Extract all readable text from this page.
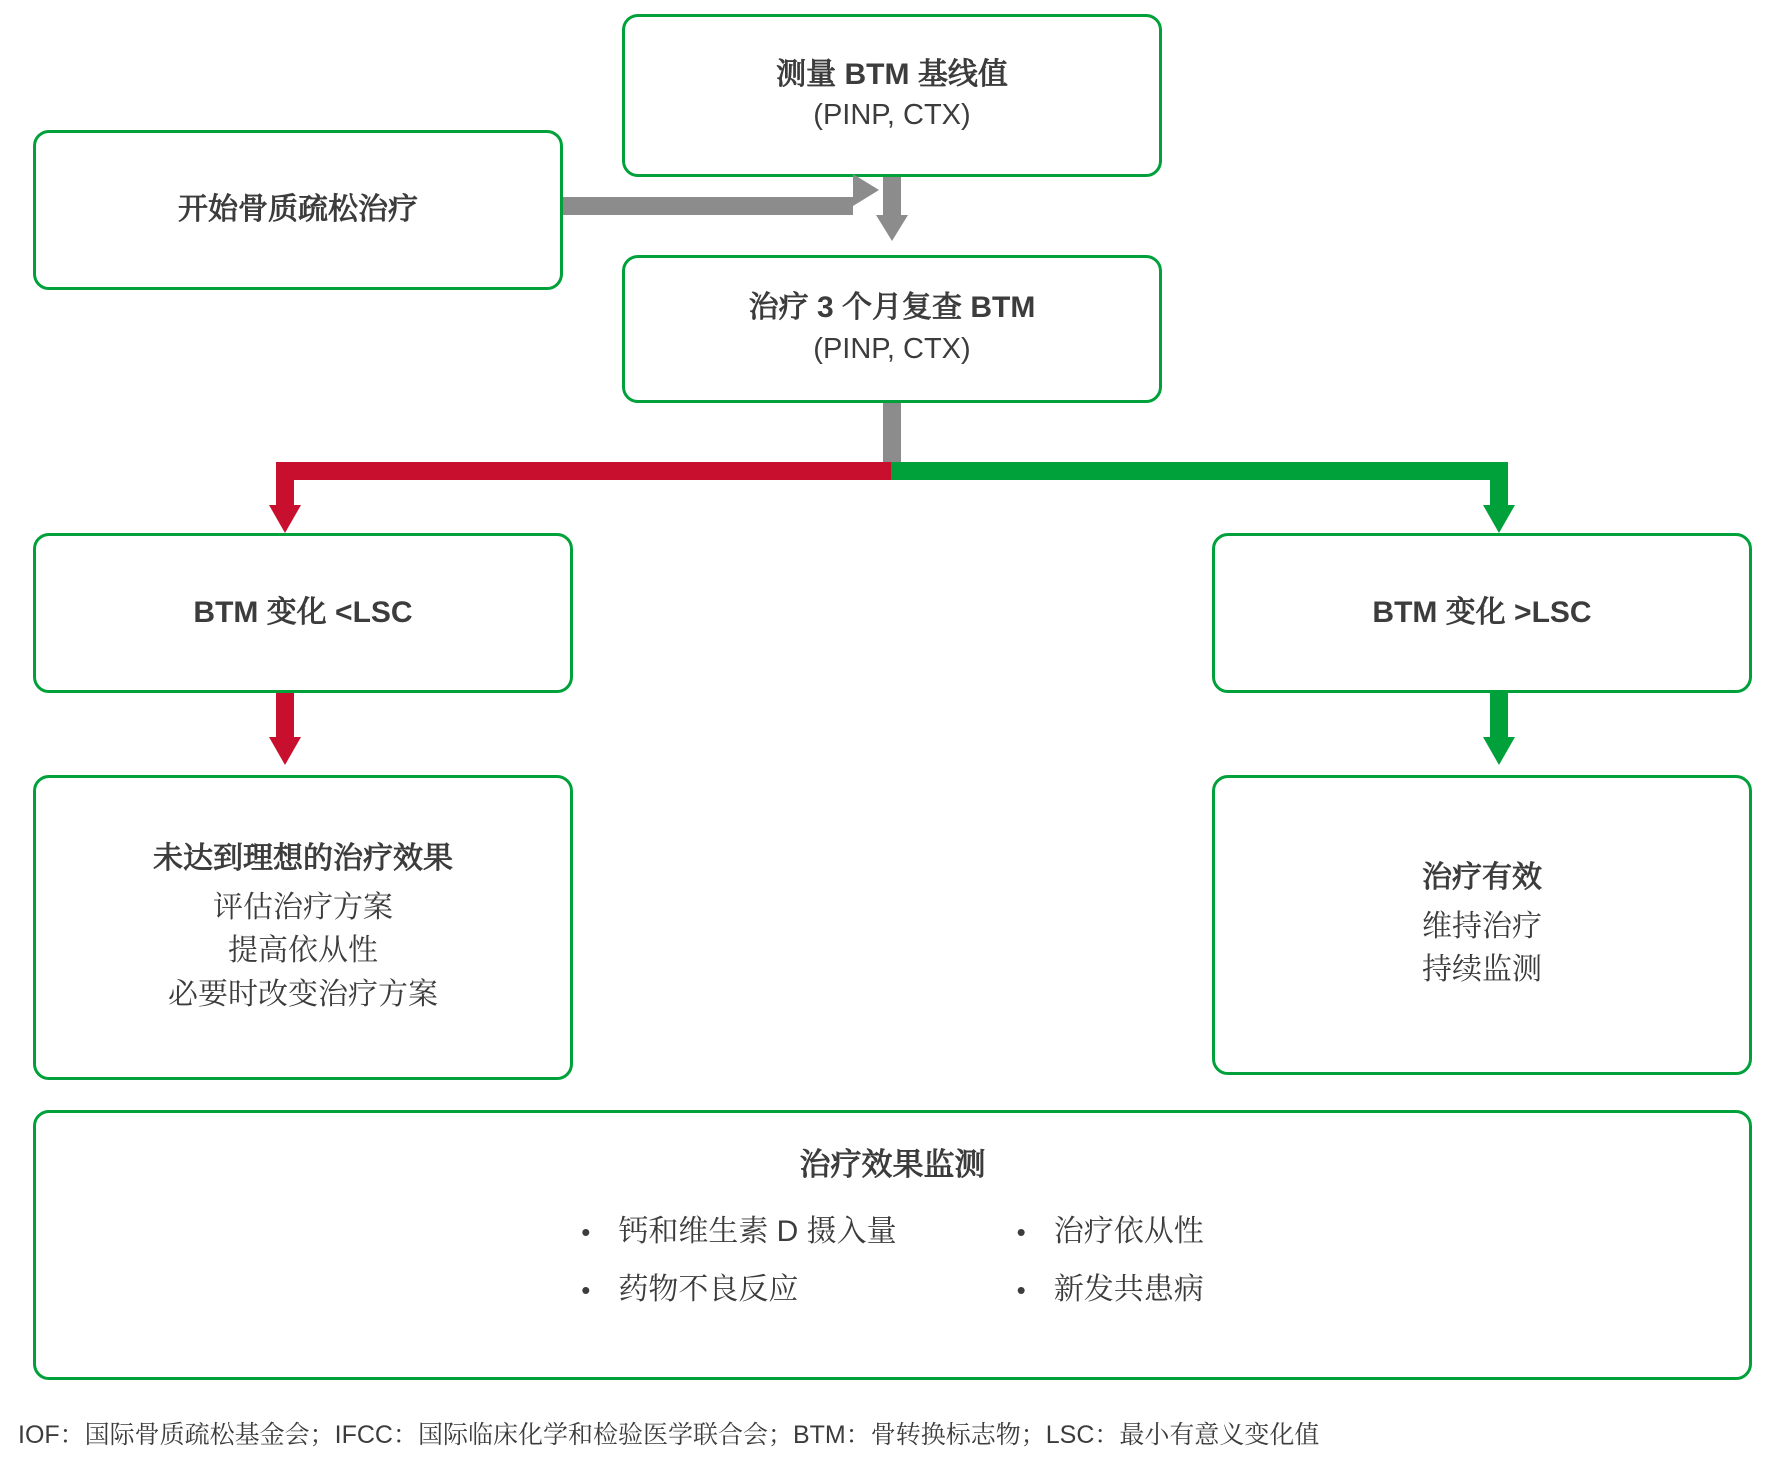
测量 BTM 基线值
(PINP, CTX)
开始骨质疏松治疗
治疗 3 个月复查 BTM
(PINP, CTX)
BTM 变化 <LSC	BTM 变化 >LSC
未达到理想的治疗效果
评估治疗方案
提高依从性
必要时改变治疗方案
治疗有效
维持治疗
持续监测
治疗效果监测
• 钙和维生素 D 摄入量
• 药物不良反应
• 治疗依从性
• 新发共患病
IOF：国际骨质疏松基金会；IFCC：国际临床化学和检验医学联合会；BTM：骨转换标志物；LSC：最小有意义变化值
